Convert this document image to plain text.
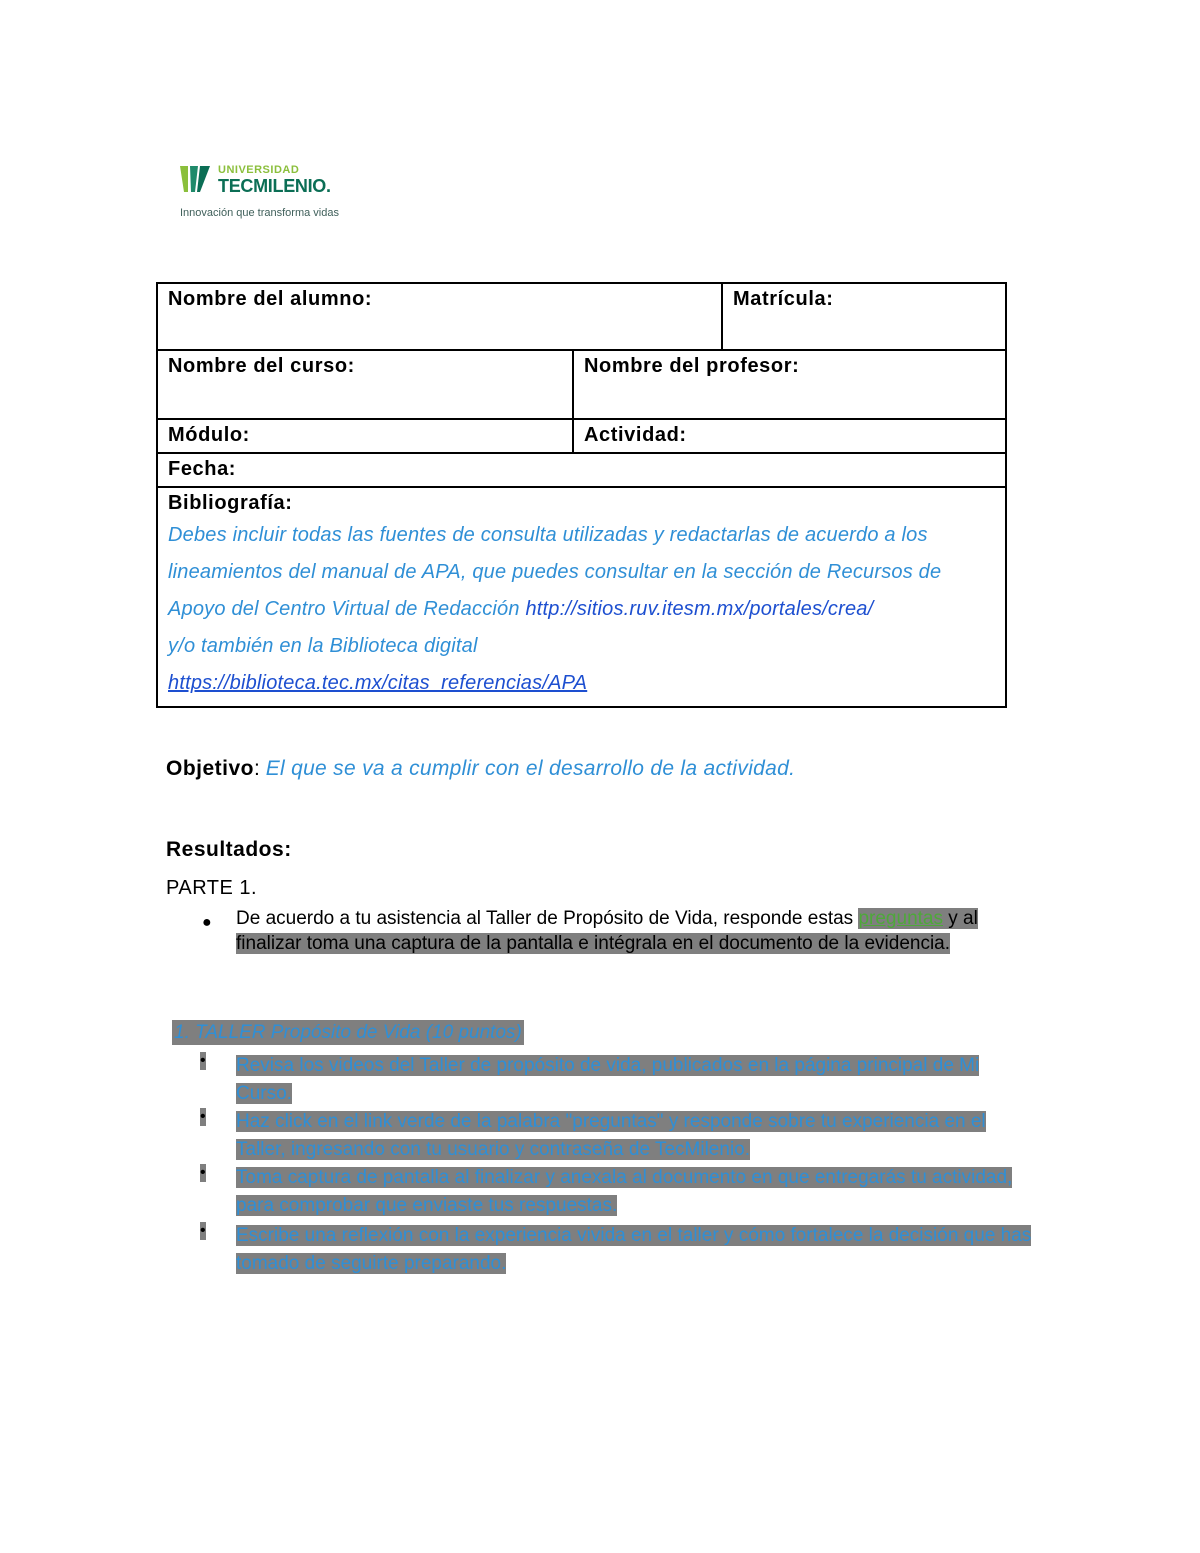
UNIVERSIDAD
TECMILENIO.
Innovación que transforma vidas
Nombre del alumno:		Matrícula:
Nombre del curso:	Nombre del profesor:	
Módulo:	Actividad:	
Fecha:		
Bibliografía:
Debes incluir todas las fuentes de consulta utilizadas y redactarlas de acuerdo a los lineamientos del manual de APA, que puedes consultar en la sección de Recursos de Apoyo del Centro Virtual de Redacción http://sitios.ruv.itesm.mx/portales/crea/
y/o también en la Biblioteca digital
https://biblioteca.tec.mx/citas_referencias/APA		
Objetivo: El que se va a cumplir con el desarrollo de la actividad.
Resultados:
PARTE 1.
● De acuerdo a tu asistencia al Taller de Propósito de Vida, responde estas preguntas y al finalizar toma una captura de la pantalla e intégrala en el documento de la evidencia.
1. TALLER Propósito de Vida (10 puntos)
• Revisa los videos del Taller de propósito de vida, publicados en la página principal de Mi Curso.
• Haz click en el link verde de la palabra "preguntas" y responde sobre tu experiencia en el Taller, ingresando con tu usuario y contraseña de TecMilenio.
• Toma captura de pantalla al finalizar y anexala al documento en que entregarás tu actividad, para comprobar que enviaste tus respuestas.
• Escribe una reflexión con la experiencia vivida en el taller y cómo fortalece la decisión que has tomado de seguirte preparando.
